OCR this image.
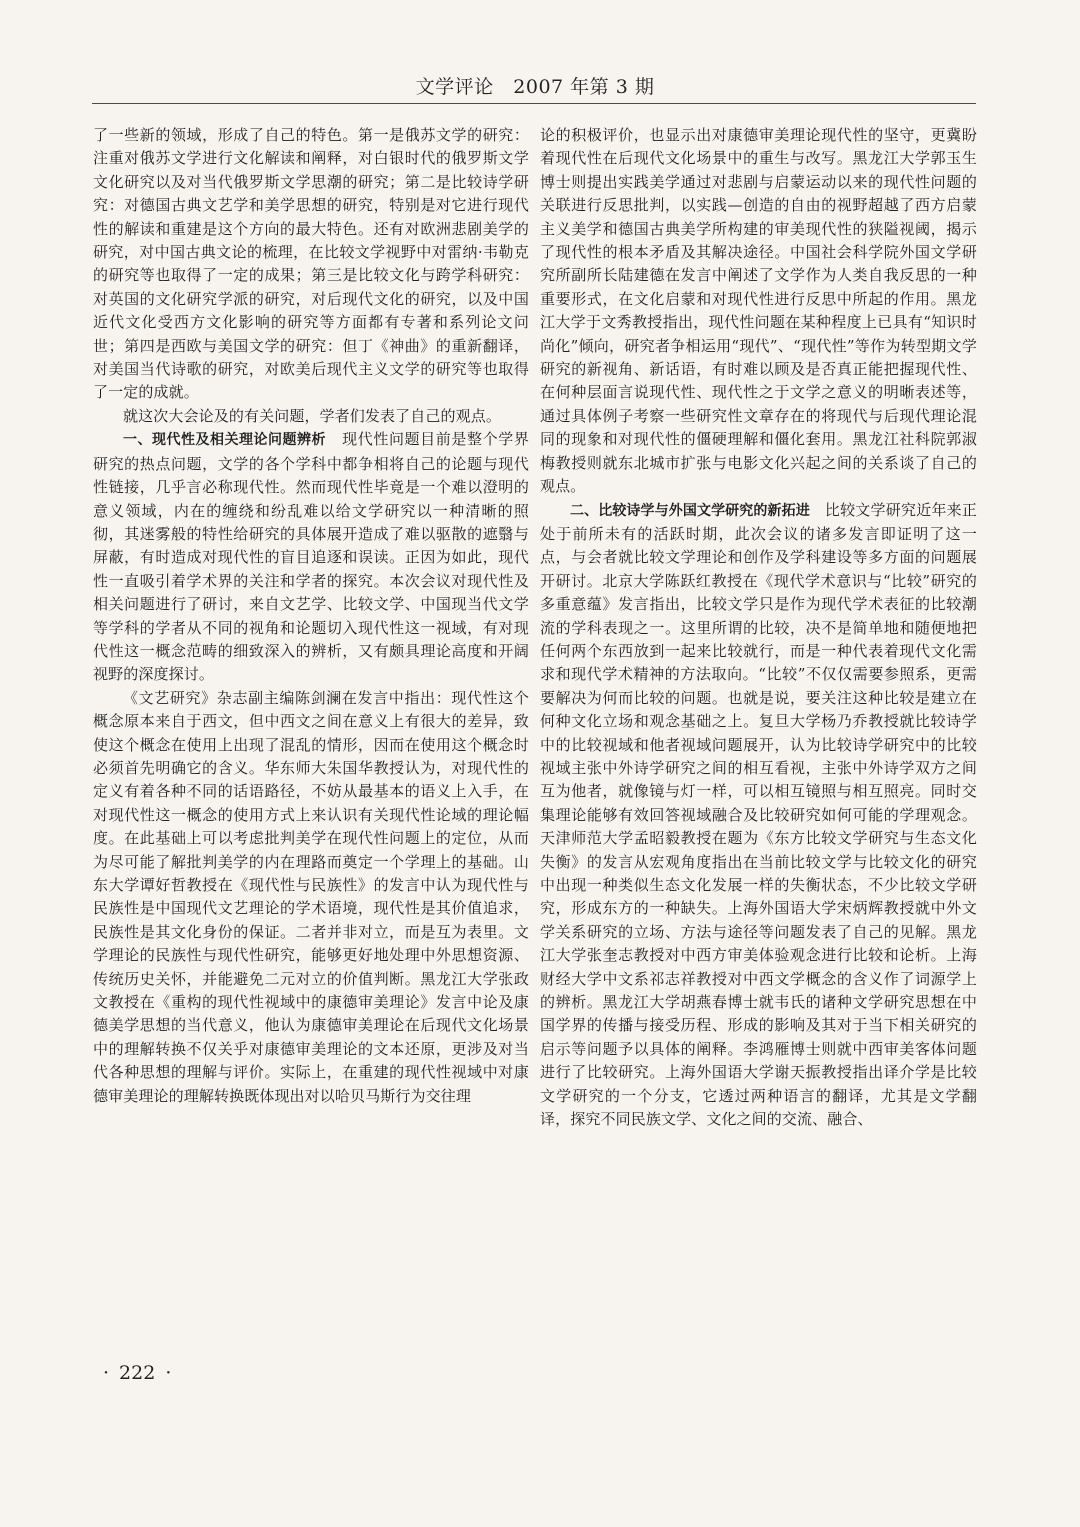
文学评论 2007 年第 3 期

了一些新的领域，形成了自己的特色。第一是俄苏文学的研究：注重对俄苏文学进行文化解读和阐释，对白银时代的俄罗斯文学文化研究以及对当代俄罗斯文学思潮的研究；第二是比较诗学研究：对德国古典文艺学和美学思想的研究，特别是对它进行现代性的解读和重建是这个方向的最大特色。还有对欧洲悲剧美学的研究，对中国古典文论的梳理，在比较文学视野中对雷纳·韦勒克的研究等也取得了一定的成果；第三是比较文化与跨学科研究：对英国的文化研究学派的研究，对后现代文化的研究，以及中国近代文化受西方文化影响的研究等方面都有专著和系列论文问世；第四是西欧与美国文学的研究：但丁《神曲》的重新翻译，对美国当代诗歌的研究，对欧美后现代主义文学的研究等也取得了一定的成就。

就这次大会论及的有关问题，学者们发表了自己的观点。

一、现代性及相关理论问题辨析 现代性问题目前是整个学界研究的热点问题，文学的各个学科中都争相将自己的论题与现代性链接，几乎言必称现代性。然而现代性毕竟是一个难以澄明的意义领域，内在的缠绕和纷乱难以给文学研究以一种清晰的照彻，其迷雾般的特性给研究的具体展开造成了难以驱散的遮翳与屏蔽，有时造成对现代性的盲目追逐和误读。正因为如此，现代性一直吸引着学术界的关注和学者的探究。本次会议对现代性及相关问题进行了研讨，来自文艺学、比较文学、中国现当代文学等学科的学者从不同的视角和论题切入现代性这一视域，有对现代性这一概念范畴的细致深入的辨析，又有颇具理论高度和开阔视野的深度探讨。

《文艺研究》杂志副主编陈剑澜在发言中指出：现代性这个概念原本来自于西文，但中西文之间在意义上有很大的差异，致使这个概念在使用上出现了混乱的情形，因而在使用这个概念时必须首先明确它的含义。华东师大朱国华教授认为，对现代性的定义有着各种不同的话语路径，不妨从最基本的语义上入手，在对现代性这一概念的使用方式上来认识有关现代性论域的理论幅度。在此基础上可以考虑批判美学在现代性问题上的定位，从而为尽可能了解批判美学的内在理路而奠定一个学理上的基础。山东大学谭好哲教授在《现代性与民族性》的发言中认为现代性与民族性是中国现代文艺理论的学术语境，现代性是其价值追求，民族性是其文化身份的保证。二者并非对立，而是互为表里。文学理论的民族性与现代性研究，能够更好地处理中外思想资源、传统历史关怀，并能避免二元对立的价值判断。黑龙江大学张政文教授在《重构的现代性视域中的康德审美理论》发言中论及康德美学思想的当代意义，他认为康德审美理论在后现代文化场景中的理解转换不仅关乎对康德审美理论的文本还原，更涉及对当代各种思想的理解与评价。实际上，在重建的现代性视域中对康德审美理论的理解转换既体现出对以哈贝马斯行为交往理

论的积极评价，也显示出对康德审美理论现代性的坚守，更冀盼着现代性在后现代文化场景中的重生与改写。黑龙江大学郭玉生博士则提出实践美学通过对悲剧与启蒙运动以来的现代性问题的关联进行反思批判，以实践—创造的自由的视野超越了西方启蒙主义美学和德国古典美学所构建的审美现代性的狭隘视阈，揭示了现代性的根本矛盾及其解决途径。中国社会科学院外国文学研究所副所长陆建德在发言中阐述了文学作为人类自我反思的一种重要形式，在文化启蒙和对现代性进行反思中所起的作用。黑龙江大学于文秀教授指出，现代性问题在某种程度上已具有“知识时尚化”倾向，研究者争相运用“现代”、“现代性”等作为转型期文学研究的新视角、新话语，有时难以顾及是否真正能把握现代性、在何种层面言说现代性、现代性之于文学之意义的明晰表述等，通过具体例子考察一些研究性文章存在的将现代与后现代理论混同的现象和对现代性的僵硬理解和僵化套用。黑龙江社科院郭淑梅教授则就东北城市扩张与电影文化兴起之间的关系谈了自己的观点。

二、比较诗学与外国文学研究的新拓进 比较文学研究近年来正处于前所未有的活跃时期，此次会议的诸多发言即证明了这一点，与会者就比较文学理论和创作及学科建设等多方面的问题展开研讨。北京大学陈跃红教授在《现代学术意识与“比较”研究的多重意蕴》发言指出，比较文学只是作为现代学术表征的比较潮流的学科表现之一。这里所谓的比较，决不是简单地和随便地把任何两个东西放到一起来比较就行，而是一种代表着现代文化需求和现代学术精神的方法取向。“比较”不仅仅需要参照系，更需要解决为何而比较的问题。也就是说，要关注这种比较是建立在何种文化立场和观念基础之上。复旦大学杨乃乔教授就比较诗学中的比较视域和他者视域问题展开，认为比较诗学研究中的比较视域主张中外诗学研究之间的相互看视，主张中外诗学双方之间互为他者，就像镜与灯一样，可以相互镜照与相互照亮。同时交集理论能够有效回答视域融合及比较研究如何可能的学理观念。天津师范大学孟昭毅教授在题为《东方比较文学研究与生态文化失衡》的发言从宏观角度指出在当前比较文学与比较文化的研究中出现一种类似生态文化发展一样的失衡状态，不少比较文学研究，形成东方的一种缺失。上海外国语大学宋炳辉教授就中外文学关系研究的立场、方法与途径等问题发表了自己的见解。黑龙江大学张奎志教授对中西方审美体验观念进行比较和论析。上海财经大学中文系祁志祥教授对中西文学概念的含义作了词源学上的辨析。黑龙江大学胡燕春博士就韦氏的诸种文学研究思想在中国学界的传播与接受历程、形成的影响及其对于当下相关研究的启示等问题予以具体的阐释。李鸿雁博士则就中西审美客体问题进行了比较研究。上海外国语大学谢天振教授指出译介学是比较文学研究的一个分支，它透过两种语言的翻译，尤其是文学翻译，探究不同民族文学、文化之间的交流、融合、

· 222 ·
